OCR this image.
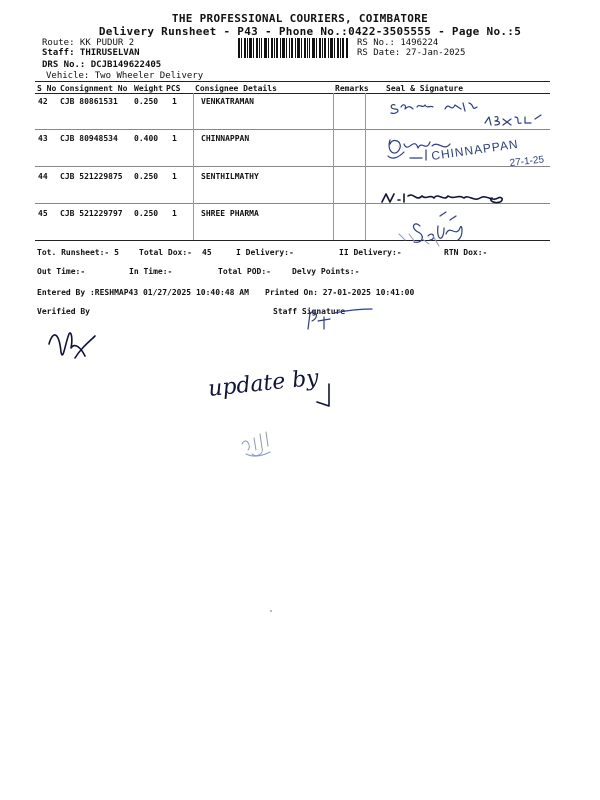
THE PROFESSIONAL COURIERS, COIMBATORE
Delivery Runsheet - P43 - Phone No.:0422-3505555 - Page No.:5
Route: KK PUDUR 2
Staff: THIRUSELVAN
DRS No.: DCJB149622405
Vehicle: Two Wheeler Delivery
RS No.: 1496224
RS Date: 27-Jan-2025
S No Consignment No Weight PCS Consignee Details	Remarks Seal & Signature
42 CJB 80861531 0.250 1	VENKATRAMAN
43 CJB 80948534 0.400 1	CHINNAPPAN
44 CJB 521229875 0.250 1	SENTHILMATHY
45 CJB 521229797 0.250 1	SHREE PHARMA
CHINNAPPAN
27-1-25
Tot. Runsheet:- 5	Total Dox:- 45	I Delivery:-	II Delivery:-	RTN Dox:-
Out Time:-	In Time:-	Total POD:-	Delvy Points:-
Entered By :RESHMAP43 01/27/2025 10:40:48 AM Printed On: 27-01-2025 10:41:00
Verified By	Staff Signature
update by
